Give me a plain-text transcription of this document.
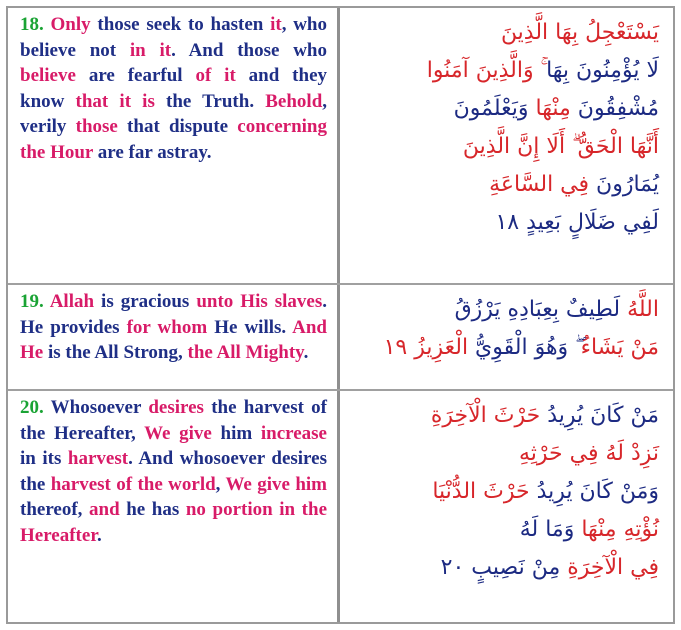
18. Only those seek to hasten it, who believe not in it. And those who believe are fearful of it and they know that it is the Truth. Behold, verily those that dispute concerning the Hour are far astray.
يَسْتَعْجِلُ بِهَا الَّذِينَ
لَا يُؤْمِنُونَ بِهَا ۚ وَالَّذِينَ آمَنُوا
مُشْفِقُونَ مِنْهَا وَيَعْلَمُونَ
أَنَّهَا الْحَقُّ ۗ أَلَا إِنَّ الَّذِينَ
يُمَارُونَ فِي السَّاعَةِ
لَفِي ضَلَالٍ بَعِيدٍ ١٨
19. Allah is gracious unto His slaves. He provides for whom He wills. And He is the All Strong, the All Mighty.
اللَّهُ لَطِيفٌ بِعِبَادِهِ يَرْزُقُ
مَنْ يَشَاءُ ۖ وَهُوَ الْقَوِيُّ الْعَزِيزُ ١٩
20. Whosoever desires the harvest of the Hereafter, We give him increase in its harvest. And whosoever desires the harvest of the world, We give him thereof, and he has no portion in the Hereafter.
مَنْ كَانَ يُرِيدُ حَرْثَ الْآخِرَةِ
نَزِدْ لَهُ فِي حَرْثِهِ
وَمَنْ كَانَ يُرِيدُ حَرْثَ الدُّنْيَا
نُؤْتِهِ مِنْهَا وَمَا لَهُ
فِي الْآخِرَةِ مِنْ نَصِيبٍ ٢٠
